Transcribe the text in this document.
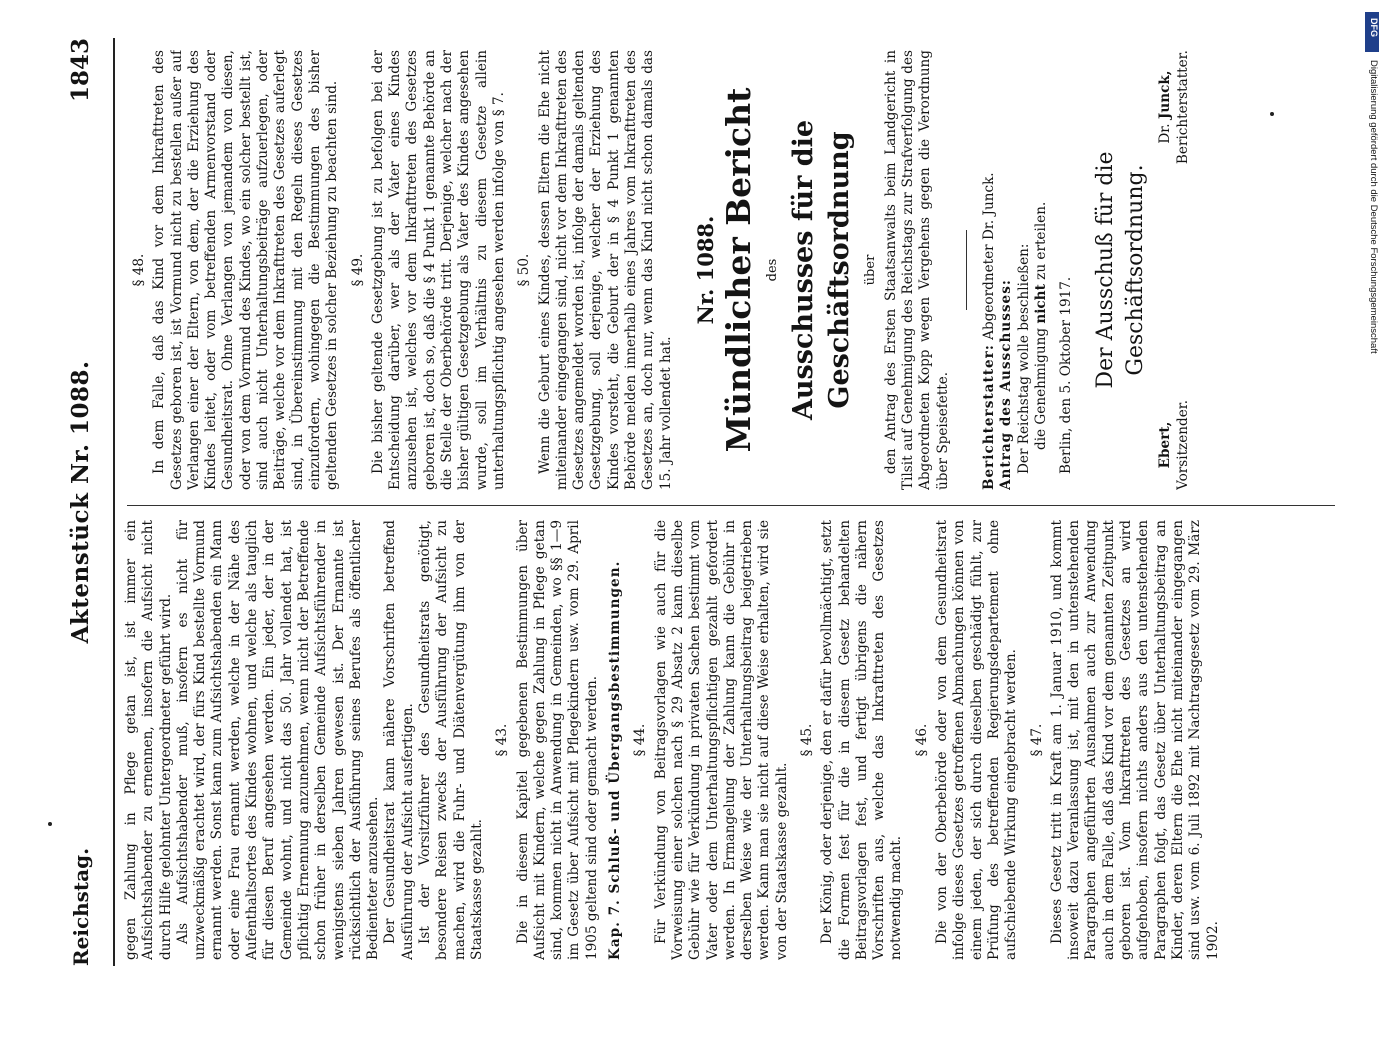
Reichstag.
Aktenstück Nr. 1088.
1843

gegen Zahlung in Pflege getan ist, ist immer ein Aufsichtshabender zu ernennen, insofern die Aufsicht nicht durch Hilfe gelohnter Untergeordneter geführt wird. Als Aufsichtshabender muß, insofern es nicht für unzweckmäßig erachtet wird, der fürs Kind bestellte Vormund ernannt werden. Sonst kann zum Aufsichtshabenden ein Mann oder eine Frau ernannt werden, welche in der Nähe des Aufenthaltsortes des Kindes wohnen, und welche als tauglich für diesen Beruf angesehen werden. Ein jeder, der in der Gemeinde wohnt, und nicht das 50. Jahr vollendet hat, ist pflichtig Ernennung anzunehmen, wenn nicht der Betreffende schon früher in derselben Gemeinde Aufsichtsführender in wenigstens sieben Jahren gewesen ist. Der Ernannte ist rücksichtlich der Ausführung seines Berufes als öffentlicher Bedienteter anzusehen. Der Gesundheitsrat kann nähere Vorschriften betreffend Ausführung der Aufsicht ausfertigen. Ist der Vorsitzführer des Gesundheitsrats genötigt, besondere Reisen zwecks der Ausführung der Aufsicht zu machen, wird die Fuhr- und Diätenvergütung ihm von der Staatskasse gezahlt.

§ 43. Die in diesem Kapitel gegebenen Bestimmungen über Aufsicht mit Kindern, welche gegen Zahlung in Pflege getan sind, kommen nicht in Anwendung in Gemeinden, wo §§ 1—9 im Gesetz über Aufsicht mit Pflegekindern usw. vom 29. April 1905 geltend sind oder gemacht werden. Kap. 7. Schluß- und Übergangsbestimmungen. § 44. Für Verkündung von Beitragsvorlagen wie auch für die Vorweisung einer solchen nach § 29 Absatz 2 kann dieselbe Gebühr wie für Verkündung in privaten Sachen bestimmt vom Vater oder dem Unterhaltungspflichtigen gezahlt gefordert werden. In Ermangelung der Zahlung kann die Gebühr in derselben Weise wie der Unterhaltungsbeitrag beigetrieben werden. Kann man sie nicht auf diese Weise erhalten, wird sie von der Staatskasse gezahlt.

§ 45. Der König, oder derjenige, den er dafür bevollmächtigt, setzt die Formen fest für die in diesem Gesetz behandelten Beitragsvorlagen fest, und fertigt übrigens die nähern Vorschriften aus, welche das Inkrafttreten des Gesetzes notwendig macht.

§ 46. Die von der Oberbehörde oder von dem Gesundheitsrat infolge dieses Gesetzes getroffenen Abmachungen können von einem jeden, der sich durch dieselben geschädigt fühlt, zur Prüfung des betreffenden Regierungsdepartement ohne aufschiebende Wirkung eingebracht werden. § 47. Dieses Gesetz tritt in Kraft am 1. Januar 1910, und kommt insoweit dazu Veranlassung ist, mit den in untenstehenden Paragraphen angeführten Ausnahmen auch zur Anwendung auch in dem Falle, daß das Kind vor dem genannten Zeitpunkt geboren ist. Vom Inkrafttreten des Gesetzes an wird aufgehoben, insofern nichts anders aus den untenstehenden Paragraphen folgt, das Gesetz über Unterhaltungsbeitrag an Kinder, deren Eltern die Ehe nicht miteinander eingegangen sind usw. vom 6. Juli 1892 mit Nachtragsgesetz vom 29. März 1902.

§ 48. In dem Falle, daß das Kind vor dem Inkrafttreten des Gesetzes geboren ist, ist Vormund nicht zu bestellen außer auf Verlangen einer der Eltern, von dem, der die Erziehung des Kindes leitet, oder vom betreffenden Armenvorstand oder Gesundheitsrat. Ohne Verlangen von jemandem von diesen, oder von dem Vormund des Kindes, wo ein solcher bestellt ist, sind auch nicht Unterhaltungsbeiträge aufzuerlegen, oder Beiträge, welche vor dem Inkrafttreten des Gesetzes auferlegt sind, in Übereinstimmung mit den Regeln dieses Gesetzes einzufordern, wohingegen die Bestimmungen des bisher geltenden Gesetzes in solcher Beziehung zu beachten sind. § 49. Die bisher geltende Gesetzgebung ist zu befolgen bei der Entscheidung darüber, wer als der Vater eines Kindes anzusehen ist, welches vor dem Inkrafttreten des Gesetzes geboren ist, doch so, daß die § 4 Punkt 1 genannte Behörde an die Stelle der Oberbehörde tritt. Derjenige, welcher nach der bisher gültigen Gesetzgebung als Vater des Kindes angesehen wurde, soll im Verhältnis zu diesem Gesetze allein unterhaltungspflichtig angesehen werden infolge von § 7. § 50. Wenn die Geburt eines Kindes, dessen Eltern die Ehe nicht miteinander eingegangen sind, nicht vor dem Inkrafttreten des Gesetzes angemeldet worden ist, infolge der damals geltenden Gesetzgebung, soll derjenige, welcher der Erziehung des Kindes vorsteht, die Geburt der in § 4 Punkt 1 genannten Behörde melden innerhalb eines Jahres vom Inkrafttreten des Gesetzes an, doch nur, wenn das Kind nicht schon damals das 15. Jahr vollendet hat.

Nr. 1088. Mündlicher Bericht des Ausschusses für die Geschäftsordnung über den Antrag des Ersten Staatsanwalts beim Landgericht in Tilsit auf Genehmigung des Reichstags zur Strafverfolgung des Abgeordneten Kopp wegen Vergehens gegen die Verordnung über Speisefette. Berichterstatter: Abgeordneter Dr. Junck.

Antrag des Ausschusses: Der Reichstag wolle beschließen: die Genehmigung nicht zu erteilen.

Berlin, den 5. Oktober 1917. Der Ausschuß für die Geschäftsordnung.

Ebert,
Vorsitzender.
Dr. Junck,
Berichterstatter.
DFG
Digitalisierung gefördert durch die Deutsche Forschungsgemeinschaft
